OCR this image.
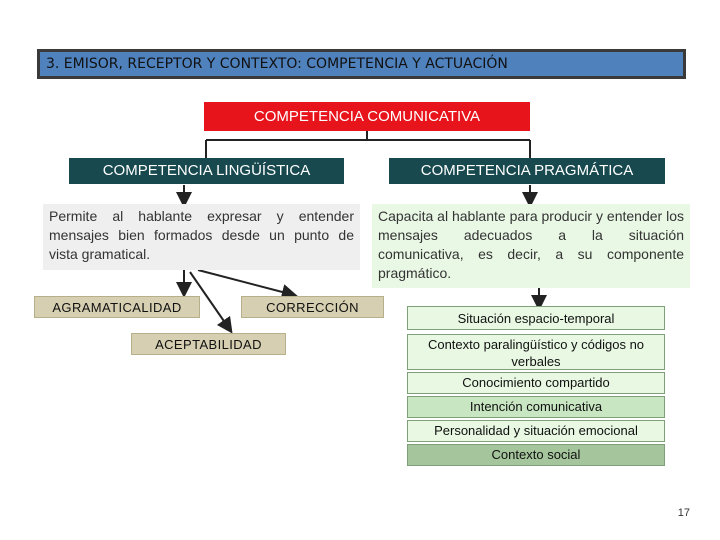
3. EMISOR, RECEPTOR Y CONTEXTO: COMPETENCIA Y ACTUACIÓN
COMPETENCIA COMUNICATIVA
COMPETENCIA LINGÜÍSTICA
Permite al hablante expresar y entender mensajes bien formados desde un punto de vista gramatical.
AGRAMATICALIDAD	CORRECCIÓN
ACEPTABILIDAD
COMPETENCIA PRAGMÁTICA
Capacita al hablante para producir y entender los mensajes adecuados a la situación comunicativa, es decir, a su componente pragmático.
Situación espacio-temporal
Contexto paralingüístico y códigos no verbales
Conocimiento compartido
Intención comunicativa
Personalidad y situación emocional
Contexto social
17
